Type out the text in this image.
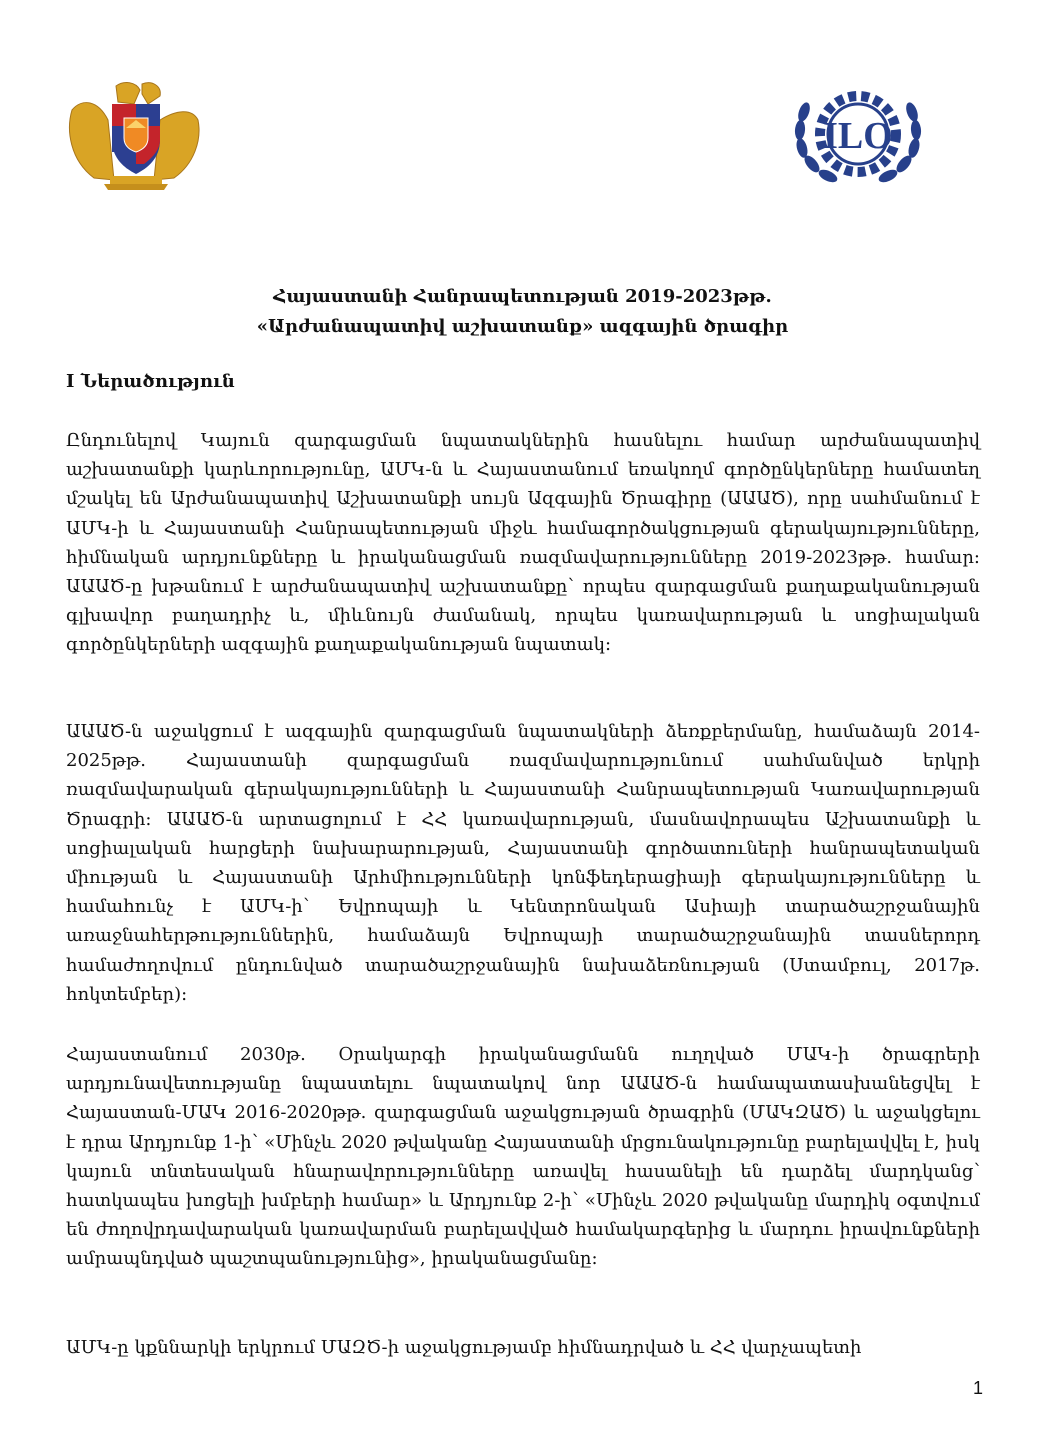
ILO
Հայաստանի Հանրապետության 2019-2023թթ.
«Արժանապատիվ աշխատանք» ազգային ծրագիր
I Ներածություն

Ընդունելով Կայուն զարգացման նպատակներին հասնելու համար արժանապատիվ աշխատանքի կարևորությունը, ԱՄԿ-ն և Հայաստանում եռակողմ գործընկերները համատեղ մշակել են Արժանապատիվ Աշխատանքի սույն Ազգային Ծրագիրը (ԱԱԱԾ), որը սահմանում է ԱՄԿ-ի և Հայաստանի Հանրապետության միջև համագործակցության գերակայությունները, հիմնական արդյունքները և իրականացման ռազմավարությունները 2019-2023թթ. համար: ԱԱԱԾ-ը խթանում է արժանապատիվ աշխատանքը՝ որպես զարգացման քաղաքականության գլխավոր բաղադրիչ և, միևնույն ժամանակ, որպես կառավարության և սոցիալական գործընկերների ազգային քաղաքականության նպատակ:

ԱԱԱԾ-ն աջակցում է ազգային զարգացման նպատակների ձեռքբերմանը, համաձայն 2014-2025թթ. Հայաստանի զարգացման ռազմավարությունում սահմանված երկրի ռազմավարական գերակայությունների և Հայաստանի Հանրապետության Կառավարության Ծրագրի: ԱԱԱԾ-ն արտացոլում է ՀՀ կառավարության, մասնավորապես Աշխատանքի և սոցիալական հարցերի նախարարության, Հայաստանի գործատուների հանրապետական միության և Հայաստանի Արհմիությունների կոնֆեդերացիայի գերակայությունները և համահունչ է ԱՄԿ-ի՝ Եվրոպայի և Կենտրոնական Ասիայի տարածաշրջանային առաջնահերթություններին, համաձայն Եվրոպայի տարածաշրջանային տասներորդ համաժողովում ընդունված տարածաշրջանային նախաձեռնության (Ստամբուլ, 2017թ. հոկտեմբեր):

Հայաստանում 2030թ. Օրակարգի իրականացմանն ուղղված ՄԱԿ-ի ծրագրերի արդյունավետությանը նպաստելու նպատակով նոր ԱԱԱԾ-ն համապատասխանեցվել է Հայաստան-ՄԱԿ 2016-2020թթ. զարգացման աջակցության ծրագրին (ՄԱԿԶԱԾ) և աջակցելու է դրա Արդյունք 1-ի՝ «Մինչև 2020 թվականը Հայաստանի մրցունակությունը բարելավվել է, իսկ կայուն տնտեսական հնարավորությունները առավել հասանելի են դարձել մարդկանց՝ հատկապես խոցելի խմբերի համար» և Արդյունք 2-ի՝ «Մինչև 2020 թվականը մարդիկ օգտվում են ժողովրդավարական կառավարման բարելավված համակարգերից և մարդու իրավունքների ամրապնդված պաշտպանությունից», իրականացմանը:

ԱՄԿ-ը կքննարկի երկրում ՄԱԶԾ-ի աջակցությամբ հիմնադրված և ՀՀ վարչապետի

1
